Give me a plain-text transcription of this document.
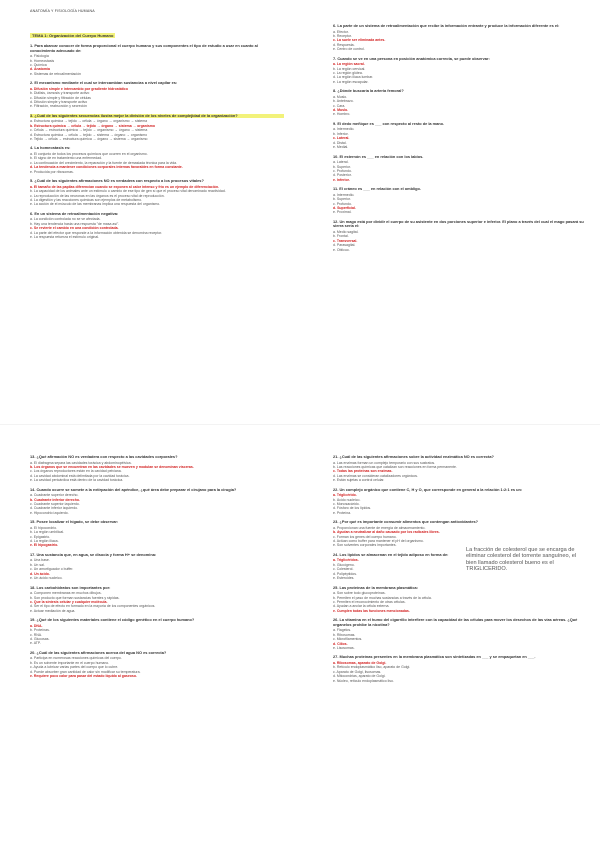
ANATOMÍA Y FISIOLOGÍA HUMANA
TEMA 1: Organización del Cuerpo Humano
1. Para abarcar conocer de forma proporcional el cuerpo humano y sus componentes el tipo de estudio a usar en cuanto al conocimiento adecuado de:
a. Fisiología
b. Homeostasis
c. Química
d. Anatomía
e. Sistemas de retroalimentación
2. El mecanismo mediante el cual se intercambian sustancias a nivel capilar es:
a. Difusión simple e intercambio por gradiente hidrostático
b. Diálisis, ósmosis y transporte activo
c. Difusión simple y filtración de células
d. Difusión simple y transporte activo
e. Filtración, reabsorción y secreción
3. ¿Cuál de las siguientes secuencias ilustra mejor la división de los niveles de complejidad de la organización?
a. Estructura química → tejido → célula → órgano → organismo → sistema
b. Estructura química → célula → tejido → órgano → sistema → organismo
c. Célula → estructura química → tejido → organismo → órgano → sistema
d. Estructura química → célula → tejido → sistema → órgano → organismo
e. Tejido → célula → estructura química → órgano → sistema → organismo
4. La homeostasis es:
a. El conjunto de todos los procesos químicos que ocurren en el organismo.
b. El signo de en tratamiento una enfermedad.
c. La continuación del crecimiento, la reparación y la fuente de demasiada técnica para la vida.
d. La tendencia a mantener condiciones corporales internas favorables en forma constante.
e. Producida por ribosomas.
5. ¿Cuál de las siguientes afirmaciones NO es verdadera con respecto a los procesos vitales?
a. El tamaño de las papilas diferencian cuando se exponen al calor intenso y frío es un ejemplo de diferenciación.
b. La capacidad de los animales ante un estímulo o cambio de ese tipo de gen sí que el proceso vital denominado reactividad.
c. La reproducción de las neuronas en las órganos es el proceso vital de reproducción.
d. La digestión y las reacciones químicas son ejemplos de metabolismo.
e. La acción de el músculo de las membranas implica una respuesta del organismo.
6. En un sistema de retroalimentación negativa:
a. La condición controlada no se ve afectada.
b. Hay una tendencia hasta una respuesta "de masa así".
c. Se revierte el cambio en una condición controlada.
d. La parte del efector que responde a la información obtenida se denomina receptor.
e. La respuesta refuerza el estímulo original.
6. La parte de un sistema de retroalimentación que recibe la información entrante y produce la información diferente es el:
a. Efector.
b. Receptor.
c. La suele ser eliminada antes.
d. Respuesta.
e. Centro de control.
7. Cuando se ve en una persona en posición anatómica correcta, se puede observar:
a. La región sacral.
b. La región cervical.
c. La región glútea.
d. La región ilíaca lumbar.
e. La región escapular.
8. ¿Dónde buscaría la arteria femoral?
a. Muslo.
b. Antebrazo.
c. Cara.
d. Muslo.
e. Hombro.
9. El dedo meñique es ___ con respecto al resto de la mano.
a. Intermedio.
b. Inferior.
c. Lateral.
d. Distal.
e. Medial.
10. El esternón es ___ en relación con los labios.
a. Lateral.
b. Superior.
c. Profundo.
d. Posterior.
e. Inferior.
11. El cráneo es ___ en relación con el ombligo.
a. Intermedio.
b. Superior.
c. Profundo.
d. Superficial.
e. Proximal.
12. Un mago está por dividir el cuerpo de su asistente en dos porciones superior e inferior. El plano a través del cual el mago pasará su sierra sería el:
a. Medio sagital.
b. Frontal.
c. Transversal.
d. Parasagital.
e. Oblicuo.
13. ¿Qué afirmación NO es verdadera con respecto a las cavidades corporales?
a. El diafragma separa las cavidades torácica y abdominopélvica.
b. Los órganos que se encuentran en las cavidades se mueven y modulan se denominan vísceras.
c. Los órganos reproductores están en la cavidad pelviana.
d. La cavidad abdominal está delimitada por la cavidad torácica.
e. La cavidad pericárdica está dentro de la cavidad torácica.
14. Cuando ocurre se somete a la extirpación del apéndice, ¿qué área debe preparar el cirujano para la cirugía?
a. Cuadrante superior derecho.
b. Cuadrante inferior derecho.
c. Cuadrante superior izquierdo.
d. Cuadrante inferior izquierdo.
e. Hipocondrio izquierdo.
15. Posee localizar el hígado, se debe observar:
a. El hipocondrio.
b. La región umbilical.
c. Epigastrio.
d. La región ilíaca.
e. El hipogastrio.
17. Una sustancia que, en agua, se disocia y forma H+ se denomina:
a. Una base.
b. Un sal.
c. Un amortiguador o buffer.
d. Un ácido.
e. Un ácido nucleico.
18. Los carbohidratos son importantes por:
a. Componen membranas en muchos dibujos.
b. Son producto que forman sustancias fuentes y rápidas.
c. Que la síntesis celular y cualquier molécula.
d. Ser el tipo de efecto en formado en la mayoría de los componentes orgánicos.
e. Actuar mediación de agua.
19. ¿Qué de los siguientes materiales contiene el código genético en el cuerpo humano?
a. DNA.
b. Proteínas.
c. RNA.
d. Glucosas.
e. ATP.
20. ¿Cuál de las siguientes afirmaciones acerca del agua NO es correcta?
a. Participa en numerosas reacciones químicas del cuerpo.
b. Es un solvente importante en el cuerpo humano.
c. Ayuda a lubricar varias partes del cuerpo que lo cubre.
d. Puede absorber gran cantidad de calor sin modificar su temperatura.
e. Requiere poco calor para pasar del estado líquido al gaseoso.
21. ¿Cuál de las siguientes afirmaciones sobre la actividad enzimática NO es correcta?
a. Las enzimas forman un complejo temporario con sus sustratos.
b. Las reacciones químicas que catalizan son reacciones en forma permanente.
c. Todas las proteínas son enzimas.
d. Las enzimas se consideran catalizadores orgánicos.
e. Están sujetas a control celular.
22. Un complejo orgánico que contiene C, H y O, que corresponde en general a la relación 1:2:1 es un:
a. Triglicérido.
b. Ácido nucleico.
c. Monosacárido.
d. Fósforo de los lípidos.
e. Proteína.
23. ¿Por qué es importante consumir alimentos que contengan antioxidantes?
a. Proporcionan una fuente de energía de almacenamiento.
b. Ayudan a neutralizar al daño causado por los radicales libres.
c. Forman los genes del cuerpo humano.
d. Actúan como buffer para mantener el pH del organismo.
e. Son solventes corporales importantes.
24. Los lípidos se almacenan en el tejido adiposo en forma de:
a. Triglicéridos.
b. Glucógeno.
c. Colesterol.
d. Polipéptidos.
e. Esteroides.
25. Las proteínas de la membrana plasmática:
a. Son sobre todo glucoproteínas.
b. Permiten el paso de muchas sustancias a través de la célula.
c. Permiten el reconocimiento de otras células.
d. Ayudan a anclar la célula externa.
e. Cumplen todas las funciones mencionadas.
26. La vitamina en el humo del cigarrillo interfiere con la capacidad de las células para mover los desechos de las vías aéreas. ¿Qué organelos prohíbe la nicotina?
a. Flagelos.
b. Ribosomas.
c. Microfilamentos.
d. Cilios.
e. Lisosomas.
27. Muchas proteínas presentes en la membrana plasmática son sintetizadas en ___ y se empaquetan en ___.
a. Ribosomas, aparato de Golgi.
b. Retículo endoplasmático liso, aparato de Golgi.
c. Aparato de Golgi, lisosomas.
d. Mitocondrias, aparato de Golgi.
e. Núcleo, retículo endoplasmático liso.
La fracción de colesterol que se encarga de eliminar colesterol del torrente sanguíneo, el bien llamado colesterol bueno es el TRIGLICERIDO.
